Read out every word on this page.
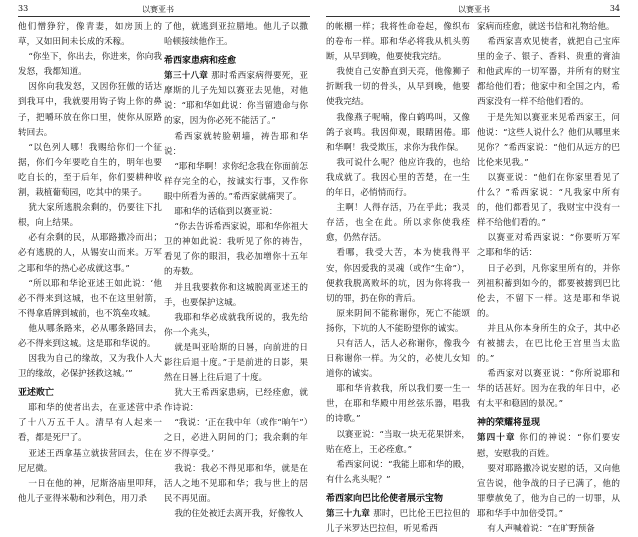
33	以赛亚书	以赛亚书	34

他们憎狰狞，像青妻，如房顶上的草，又如田间未长成的禾稼。

“你坐下，你出去，你进来，你向我发怒，我都知道。

因你向我发怒，又因你狂傲的话达到我耳中，我就要用钩子钩上你的鼻子，把嚼环放在你口里，使你从原路转回去。

“以色列人哪！我赐给你们一个征据，你们今年要吃自生的，明年也要吃自长的，至于后年，你们要耕种收割，栽植葡萄园，吃其中的果子。

犹大家所逃脱余剩的，仍要往下扎根，向上结果。

必有余剩的民，从耶路撒冷而出；必有逃脱的人，从锡安山而来。万军之耶和华的热心必成就这事。”

“所以耶和华论亚述王如此说：‘他必不得来到这城，也不在这里射箭，不得拿盾牌到城前，也不筑垒攻城。

他从哪条路来，必从哪条路回去，必不得来到这城。这是耶和华说的。

因我为自己的缘故，又为我仆人大卫的缘故，必保护拯救这城。’”

亚述败亡

耶和华的使者出去，在亚述营中杀了十八万五千人。清早有人起来一看，都是死尸了。

亚述王西拿基立就拔营回去，住在尼尼微。

一日在他的神，尼斯洛庙里叩拜，他儿子亚得米勒和沙利色，用刀杀

了他，就逃到亚拉腊地。他儿子以撒哈顿接续他作王。

希西家患病和痊愈

第三十八章 那时希西家病得要死，亚摩斯的儿子先知以赛亚去见他，对他说：“耶和华如此说：你当留遗命与你的家，因为你必死不能活了。”

希西家就转脸朝墙，祷告耶和华说：

“耶和华啊！求你纪念我在你面前怎样存完全的心，按诚实行事，又作你眼中所看为善的。”希西家就痛哭了。

耶和华的话临到以赛亚说：

“你去告诉希西家说，耶和华你祖大卫的神如此说：我听见了你的祷告，看见了你的眼泪，我必加增你十五年的寿数。

并且我要救你和这城脱离亚述王的手，也要保护这城。

我耶和华必成就我所说的，我先给你一个兆头，

就是叫亚哈斯的日晷，向前进的日影往后退十度。”于是前进的日影，果然在日晷上往后退了十度。

犹大王希西家患病，已经痊愈，就作诗说：

“我说：‘正在我中年（或作“晌午”）之日，必进入阴间的门；我余剩的年岁不得享受。’

我说：我必不得见耶和华，就是在活人之地不见耶和华；我与世上的居民不再见面。

我的住处被迁去离开我，好像牧人

的帐棚一样；我将性命卷起，像织布的卷布一样。耶和华必将我从机头剪断，从早到晚，他要使我完结。

我使自己安静直到天亮，他像狮子折断我一切的骨头，从早到晚，他要使我完结。

我像燕子呢喃，像白鹤鸣叫，又像鸽子哀鸣。我因仰观，眼睛困倦。耶和华啊！我受欺压，求你为我作保。

我可说什么呢？他应许我的，也给我成就了。我因心里的苦楚，在一生的年日，必悄悄而行。

主啊！人得存活，乃在乎此；我灵存活，也全在此。所以求你使我痊愈，仍然存活。

看哪，我受大苦，本为使我得平安，你因爱我的灵魂（或作“生命”），便救我脱离败坏的坑，因为你将我一切的罪，扔在你的背后。

原来阴间不能称谢你，死亡不能颂扬你，下坑的人不能盼望你的诚实。

只有活人，活人必称谢你，像我今日称谢你一样。为父的，必使儿女知道你的诚实。

耶和华肯救我，所以我们要一生一世，在耶和华殿中用丝弦乐器，唱我的诗歌。”

以赛亚说：“当取一块无花果饼来，贴在疮上，王必痊愈。”

希西家问说：“我能上耶和华的殿，有什么兆头呢？”

希西家向巴比伦使者展示宝物

第三十九章 那时，巴比伦王巴拉但的儿子米罗达巴拉但，听见希西

家病而痊愈，就送书信和礼物给他。

希西家喜欢见使者，就把自己宝库里的金子、银子、香料、贵重的膏油和他武库的一切军器，并所有的财宝都给他们看；他家中和全国之内，希西家没有一样不给他们看的。

于是先知以赛亚来见希西家王，问他说：“这些人说什么？他们从哪里来见你？”希西家说：“他们从远方的巴比伦来见我。”

以赛亚说：“他们在你家里看见了什么？”希西家说：“凡我家中所有的，他们都看见了，我财宝中没有一样不给他们看的。”

以赛亚对希西家说：“你要听万军之耶和华的话：

日子必到，凡你家里所有的，并你列祖积蓄到如今的，都要被掳到巴比伦去，不留下一样。这是耶和华说的。

并且从你本身所生的众子，其中必有被掳去，在巴比伦王宫里当太监的。”

希西家对以赛亚说：“你所说耶和华的话甚好。因为在我的年日中，必有太平和稳固的景况。”

神的荣耀将显现

第四十章 你们的神说：“你们要安慰，安慰我的百姓。

要对耶路撒冷说安慰的话，又向他宣告说，他争战的日子已满了，他的罪孽赦免了，他为自己的一切罪，从耶和华手中加倍受罚。”

有人声喊着说：“在旷野预备
